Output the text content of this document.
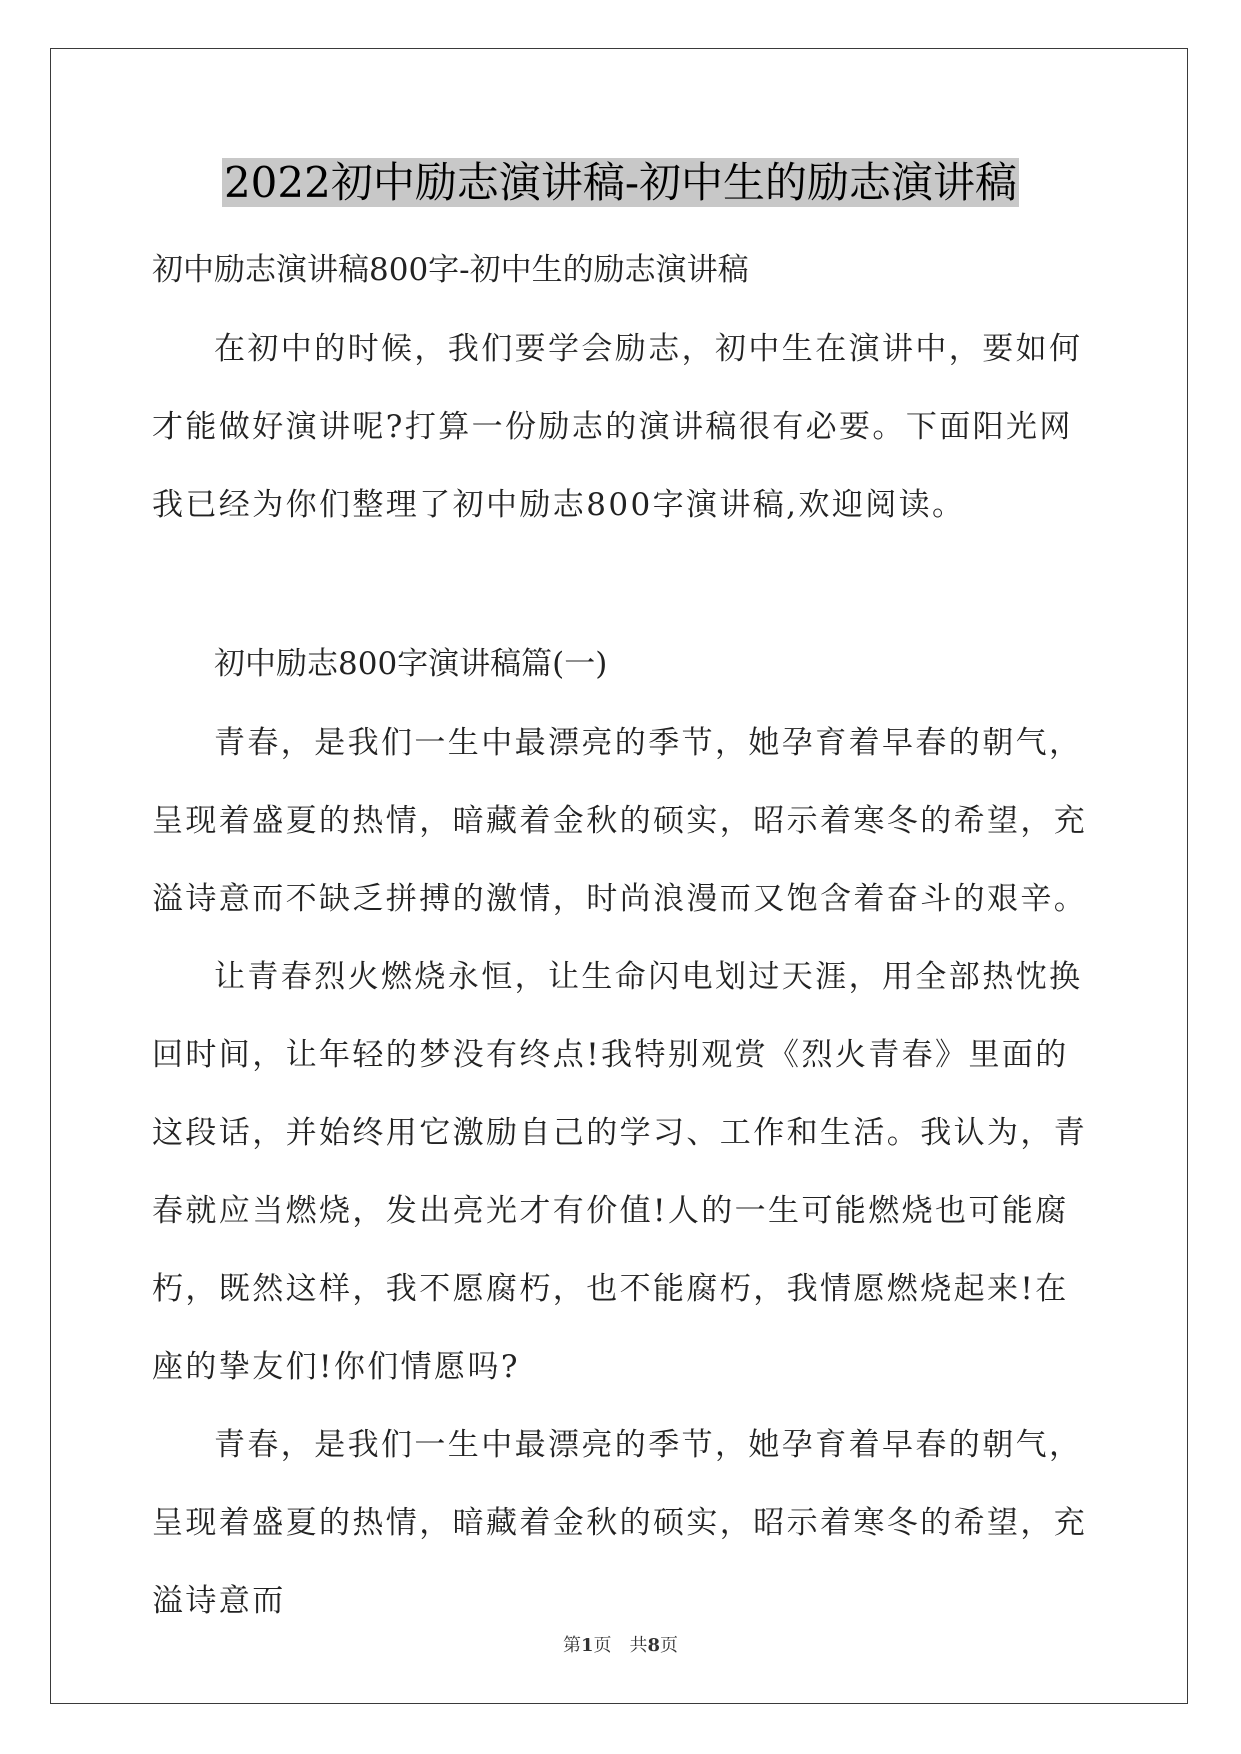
2022初中励志演讲稿-初中生的励志演讲稿
初中励志演讲稿800字-初中生的励志演讲稿
在初中的时候，我们要学会励志，初中生在演讲中，要如何才能做好演讲呢?打算一份励志的演讲稿很有必要。下面阳光网我已经为你们整理了初中励志800字演讲稿,欢迎阅读。
初中励志800字演讲稿篇(一)
青春，是我们一生中最漂亮的季节，她孕育着早春的朝气，呈现着盛夏的热情，暗藏着金秋的硕实，昭示着寒冬的希望，充溢诗意而不缺乏拼搏的激情，时尚浪漫而又饱含着奋斗的艰辛。
让青春烈火燃烧永恒，让生命闪电划过天涯，用全部热忱换回时间，让年轻的梦没有终点!我特别观赏《烈火青春》里面的这段话，并始终用它激励自己的学习、工作和生活。我认为，青春就应当燃烧，发出亮光才有价值!人的一生可能燃烧也可能腐朽，既然这样，我不愿腐朽，也不能腐朽，我情愿燃烧起来!在座的挚友们!你们情愿吗?
青春，是我们一生中最漂亮的季节，她孕育着早春的朝气，呈现着盛夏的热情，暗藏着金秋的硕实，昭示着寒冬的希望，充溢诗意而
第1页　共8页
